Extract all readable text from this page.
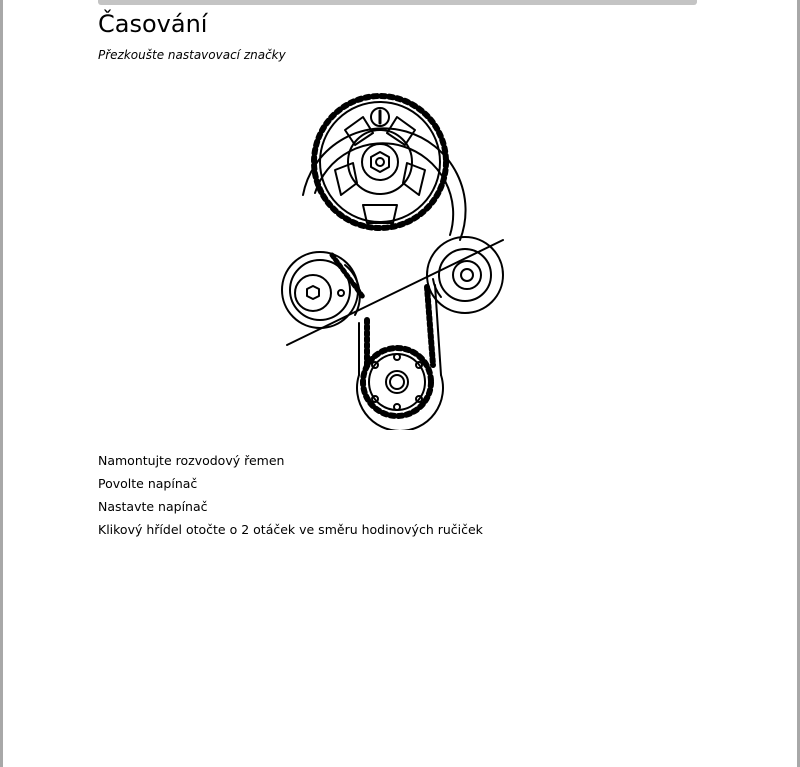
Časování

Přezkoušte nastavovací značky

Namontujte rozvodový řemen
Povolte napínač
Nastavte napínač
Klikový hřídel otočte o 2 otáček ve směru hodinových ručiček
